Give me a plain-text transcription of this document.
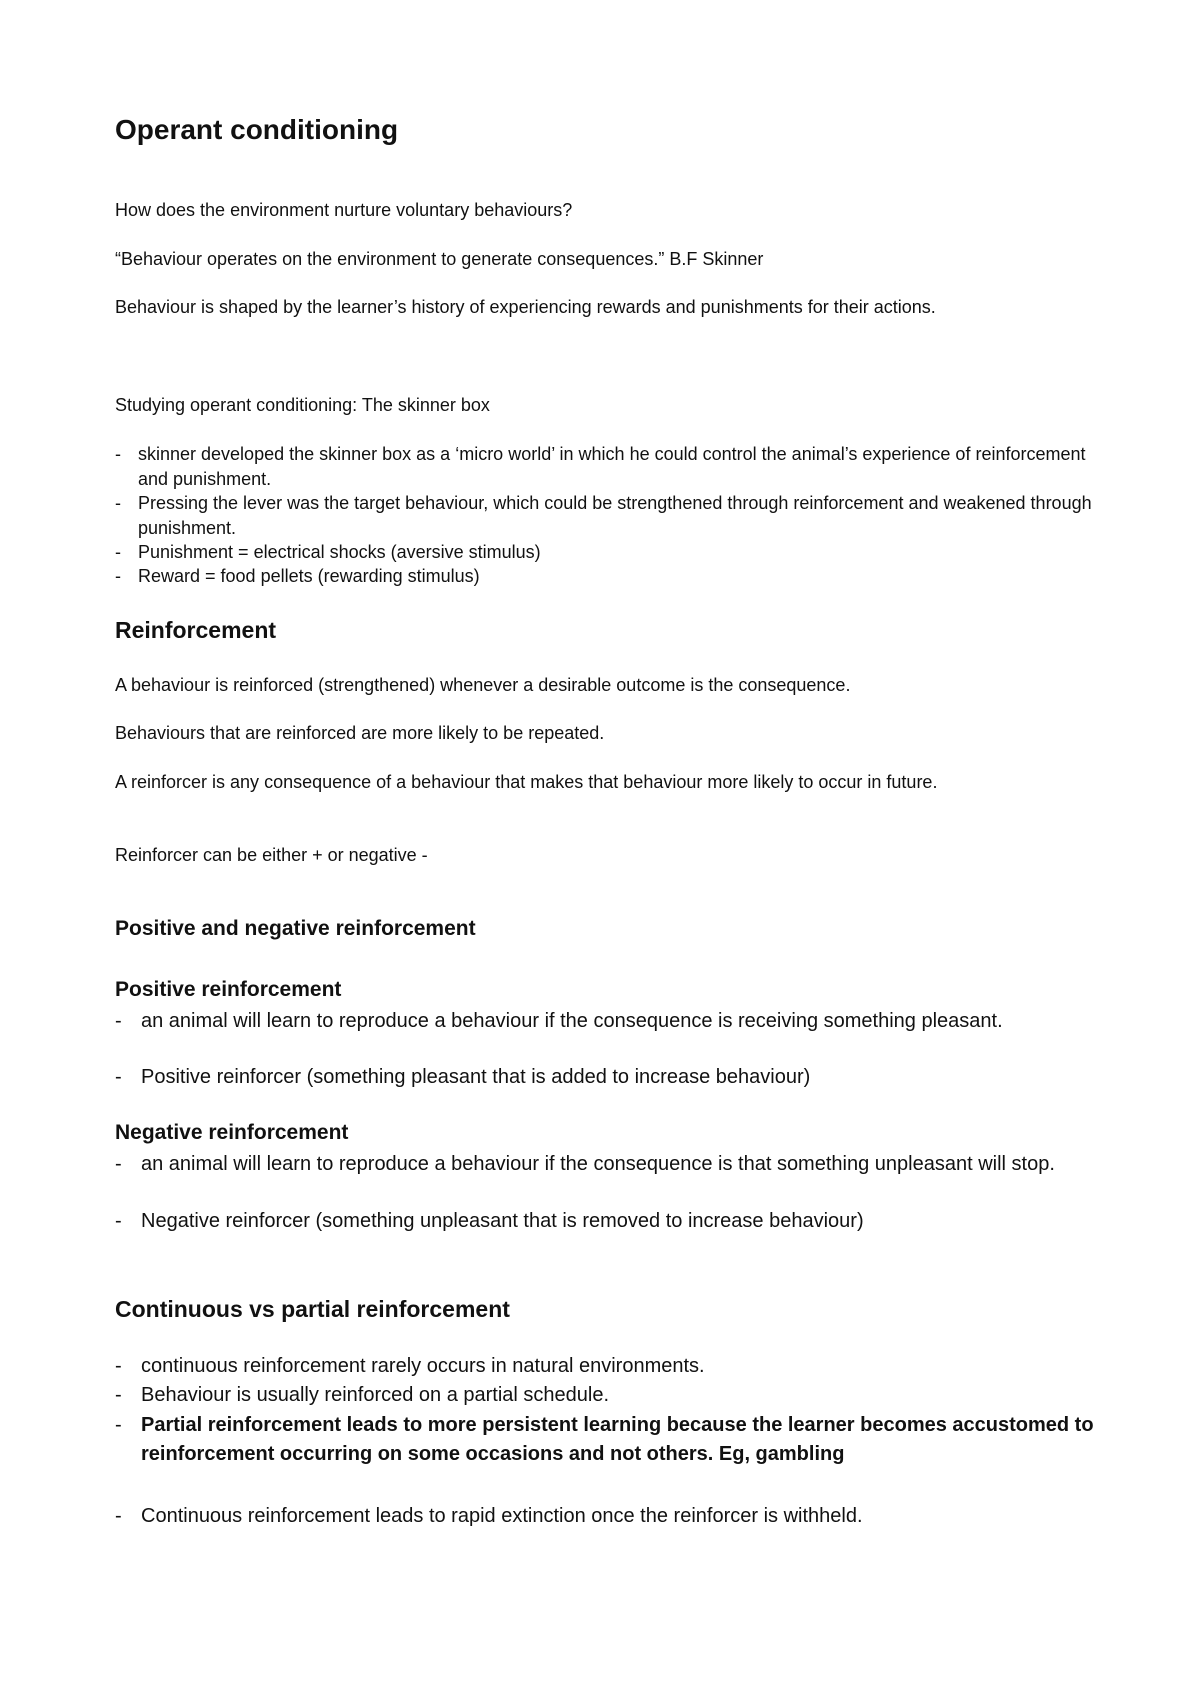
Operant conditioning

How does the environment nurture voluntary behaviours?

“Behaviour operates on the environment to generate consequences.” B.F Skinner

Behaviour is shaped by the learner’s history of experiencing rewards and punishments for their actions.

Studying operant conditioning: The skinner box

- skinner developed the skinner box as a ‘micro world’ in which he could control the animal’s experience of reinforcement and punishment.
- Pressing the lever was the target behaviour, which could be strengthened through reinforcement and weakened through punishment.
- Punishment = electrical shocks (aversive stimulus)
- Reward = food pellets (rewarding stimulus)
Reinforcement

A behaviour is reinforced (strengthened) whenever a desirable outcome is the consequence.

Behaviours that are reinforced are more likely to be repeated.

A reinforcer is any consequence of a behaviour that makes that behaviour more likely to occur in future.

Reinforcer can be either + or negative -

Positive and negative reinforcement
Positive reinforcement
- an animal will learn to reproduce a behaviour if the consequence is receiving something pleasant.
- Positive reinforcer (something pleasant that is added to increase behaviour)
Negative reinforcement
- an animal will learn to reproduce a behaviour if the consequence is that something unpleasant will stop.
- Negative reinforcer (something unpleasant that is removed to increase behaviour)
Continuous vs partial reinforcement
- continuous reinforcement rarely occurs in natural environments.
- Behaviour is usually reinforced on a partial schedule.
- Partial reinforcement leads to more persistent learning because the learner becomes accustomed to reinforcement occurring on some occasions and not others. Eg, gambling
- Continuous reinforcement leads to rapid extinction once the reinforcer is withheld.
